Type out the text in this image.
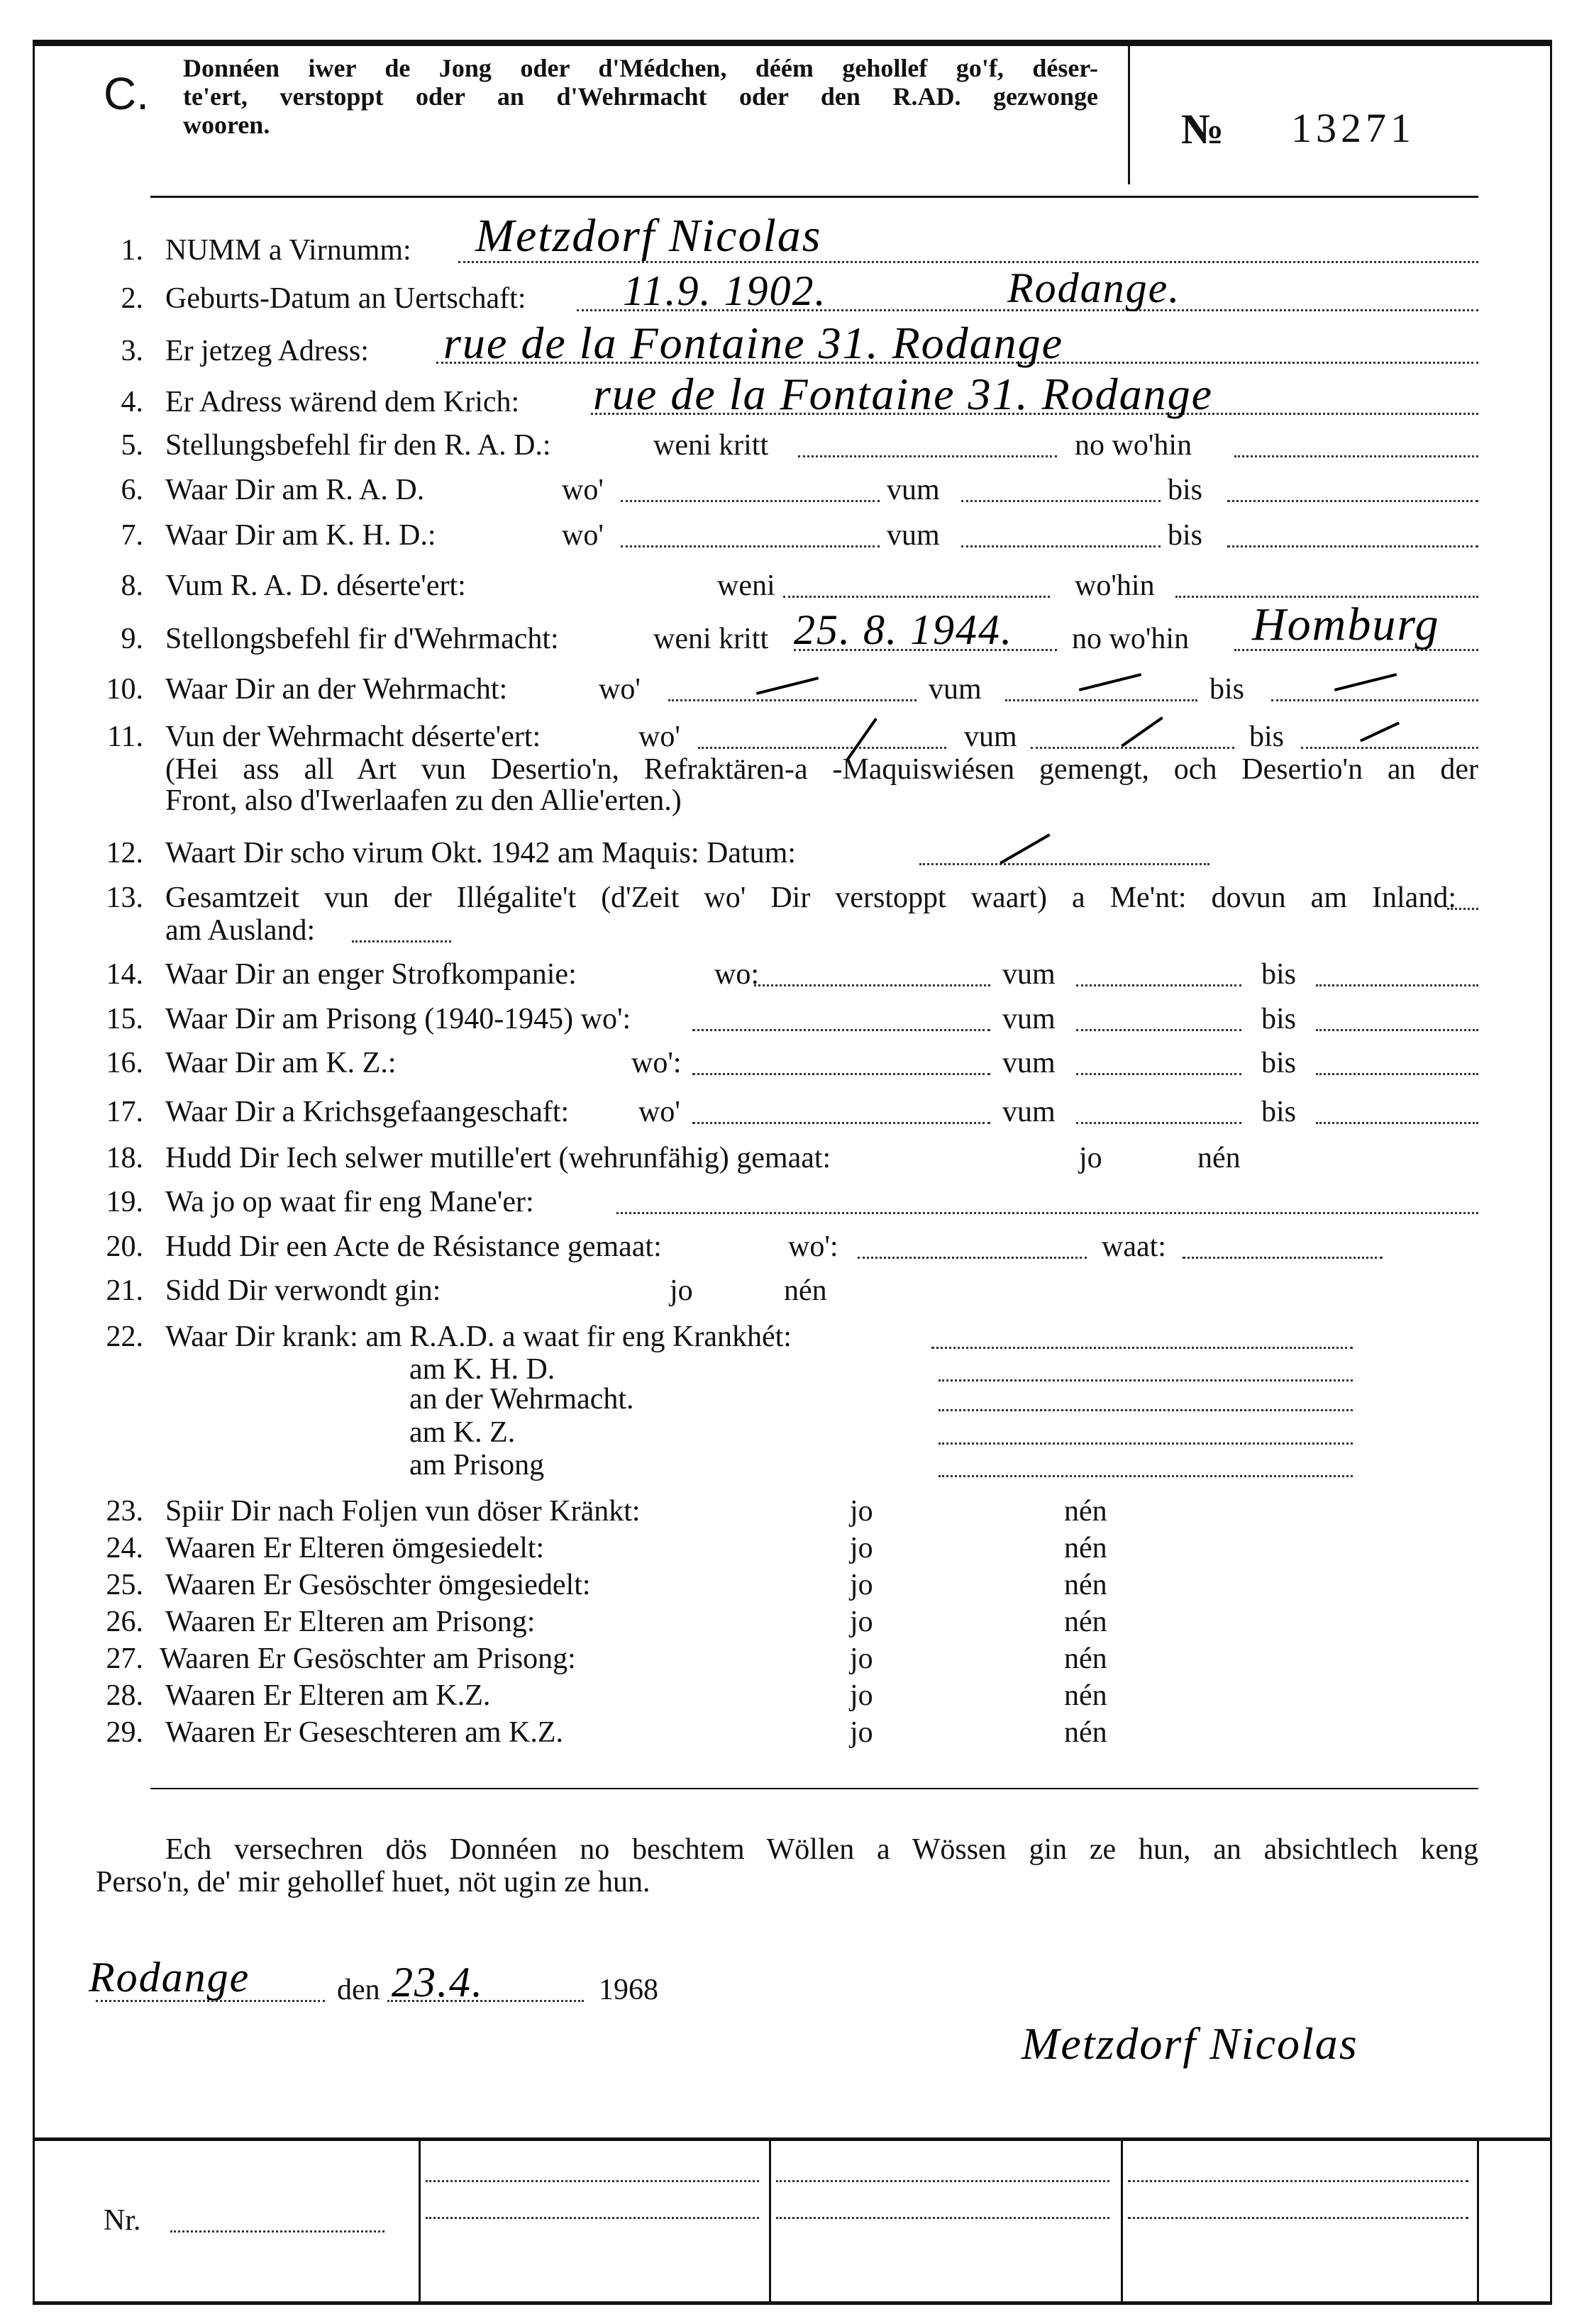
C. Donnéen iwer de Jong oder d'Médchen, déém gehollef go'f, déser-
te'ert, verstoppt oder an d'Wehrmacht oder den R.AD. gezwonge
wooren.	№ 13271
1. NUMM a Virnumm: Metzdorf Nicolas
2. Geburts-Datum an Uertschaft: 11.9. 1902.	Rodange.
3. Er jetzeg Adress: rue de la Fontaine 31. Rodange
4. Er Adress wärend dem Krich: rue de la Fontaine 31. Rodange
5. Stellungsbefehl fir den R. A. D.:	weni kritt	no wo'hin
6. Waar Dir am R. A. D.	wo'	vum	bis
7. Waar Dir am K. H. D.:	wo'	vum	bis
8. Vum R. A. D. déserte'ert:	weni	wo'hin
9. Stellongsbefehl fir d'Wehrmacht:	weni kritt 25. 8. 1944. no wo'hin Homburg
10. Waar Dir an der Wehrmacht:	wo'	vum	bis
11. Vun der Wehrmacht déserte'ert:	wo'	vum	bis
(Hei ass all Art vun Desertio'n, Refraktären-a -Maquiswiésen gemengt, och Desertio'n an der
Front, also d'Iwerlaafen zu den Allie'erten.)
12. Waart Dir scho virum Okt. 1942 am Maquis: Datum:
13. Gesamtzeit vun der Illégalite't (d'Zeit wo' Dir verstoppt waart) a Me'nt: dovun am Inland:
am Ausland:
14. Waar Dir an enger Strofkompanie:	wo:	vum	bis
15. Waar Dir am Prisong (1940-1945) wo':	vum	bis
16. Waar Dir am K. Z.:	wo':	vum	bis
17. Waar Dir a Krichsgefaangeschaft: wo'	vum	bis
18. Hudd Dir Iech selwer mutille'ert (wehrunfähig) gemaat:	jo	nén
19. Wa jo op waat fir eng Mane'er:
20. Hudd Dir een Acte de Résistance gemaat:	wo':	waat:
21. Sidd Dir verwondt gin:	jo	nén
22. Waar Dir krank: am R.A.D. a waat fir eng Krankhét:
am K. H. D.
an der Wehrmacht.
am K. Z.
am Prisong
23. Spiir Dir nach Foljen vun döser Kränkt:	jo	nén
24. Waaren Er Elteren ömgesiedelt:	jo	nén
25. Waaren Er Gesöschter ömgesiedelt:	jo	nén
26. Waaren Er Elteren am Prisong:	jo	nén
27. Waaren Er Gesöschter am Prisong:	jo	nén
28. Waaren Er Elteren am K.Z.	jo	nén
29. Waaren Er Geseschteren am K.Z.	jo	nén
Ech versechren dös Donnéen no beschtem Wöllen a Wössen gin ze hun, an absichtlech keng
Perso'n, de' mir gehollef huet, nöt ugin ze hun.
Rodange	den 23.4.	1968
Metzdorf Nicolas
Nr.
